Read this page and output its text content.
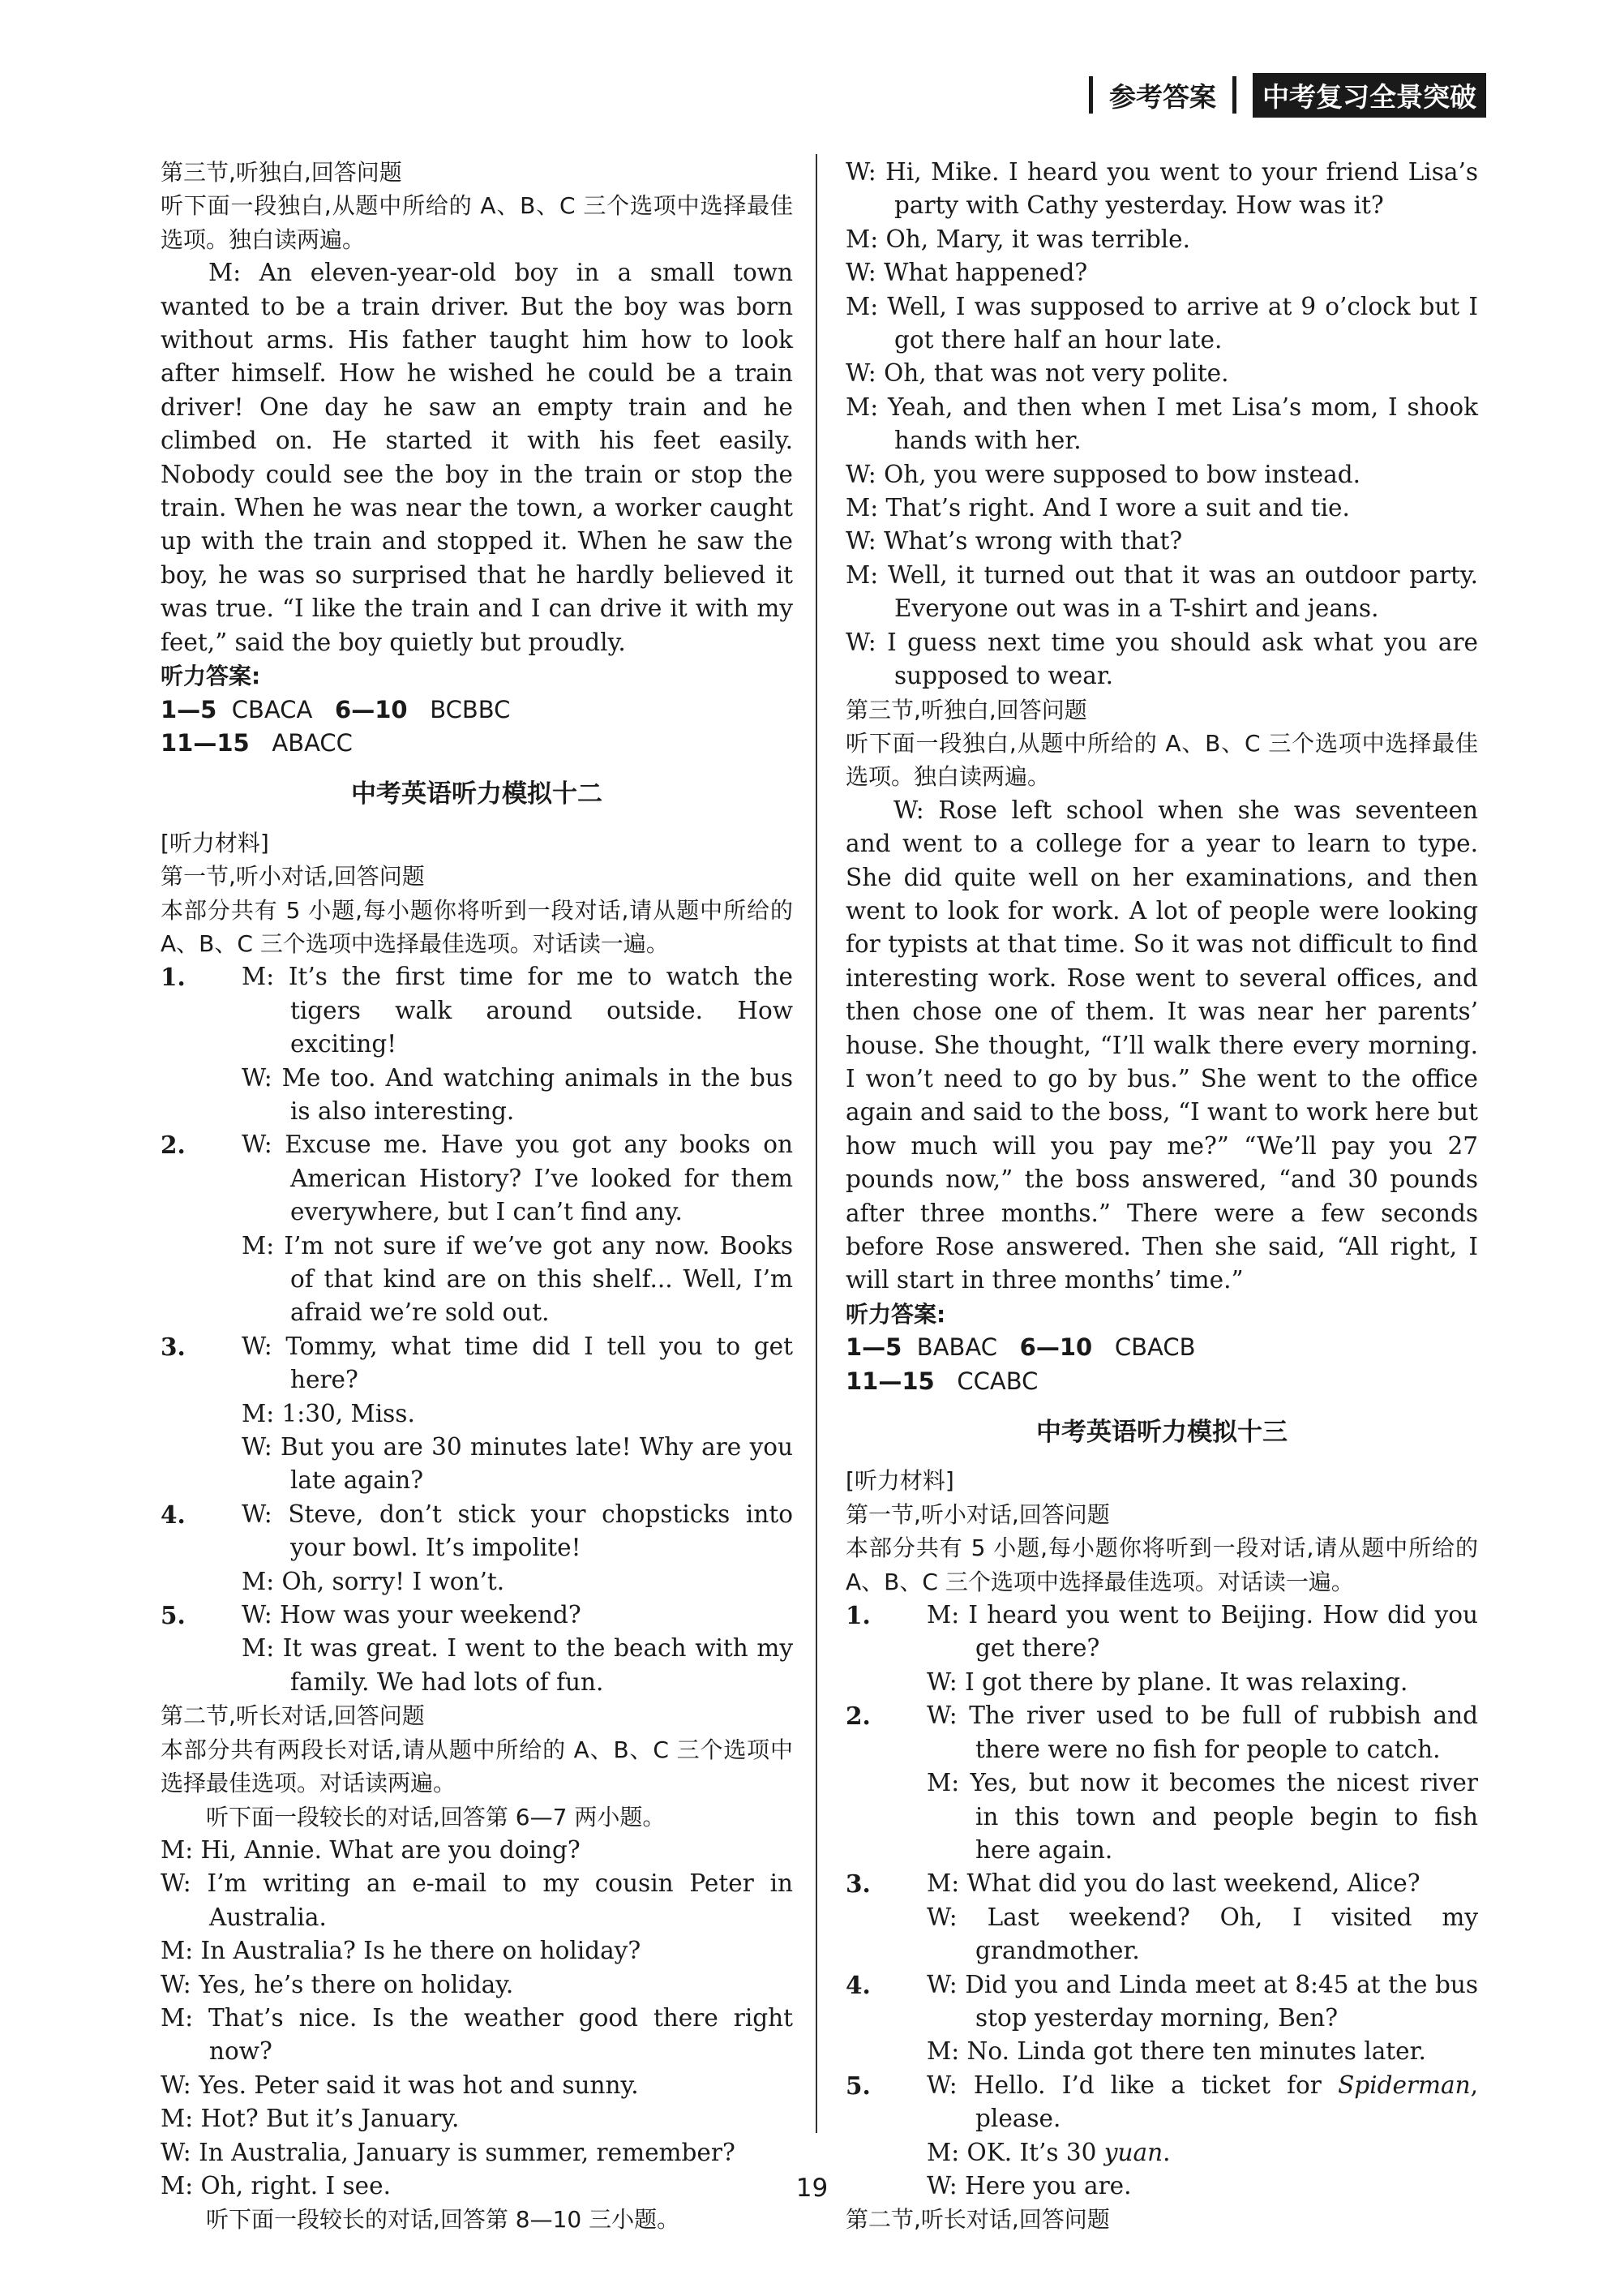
参考答案	中考复习全景突破

第三节,听独白,回答问题

听下面一段独白,从题中所给的 A、B、C 三个选项中选择最佳选项。独白读两遍。

M: An eleven-year-old boy in a small town wanted to be a train driver. But the boy was born without arms. His father taught him how to look after himself. How he wished he could be a train driver! One day he saw an empty train and he climbed on. He started it with his feet easily. Nobody could see the boy in the train or stop the train. When he was near the town, a worker caught up with the train and stopped it. When he saw the boy, he was so surprised that he hardly believed it was true. “I like the train and I can drive it with my feet,” said the boy quietly but proudly.

听力答案:

1—5 CBACA 6—10 BCBBC

11—15 ABACC

中考英语听力模拟十二

[听力材料]

第一节,听小对话,回答问题

本部分共有 5 小题,每小题你将听到一段对话,请从题中所给的 A、B、C 三个选项中选择最佳选项。对话读一遍。

1. M: It’s the first time for me to watch the tigers walk around outside. How exciting!

W: Me too. And watching animals in the bus is also interesting.

2. W: Excuse me. Have you got any books on American History? I’ve looked for them everywhere, but I can’t find any.

M: I’m not sure if we’ve got any now. Books of that kind are on this shelf... Well, I’m afraid we’re sold out.

3. W: Tommy, what time did I tell you to get here?

M: 1:30, Miss.

W: But you are 30 minutes late! Why are you late again?

4. W: Steve, don’t stick your chopsticks into your bowl. It’s impolite!

M: Oh, sorry! I won’t.

5. W: How was your weekend?

M: It was great. I went to the beach with my family. We had lots of fun.

第二节,听长对话,回答问题

本部分共有两段长对话,请从题中所给的 A、B、C 三个选项中选择最佳选项。对话读两遍。

听下面一段较长的对话,回答第 6—7 两小题。

M: Hi, Annie. What are you doing?

W: I’m writing an e-mail to my cousin Peter in Australia.

M: In Australia? Is he there on holiday?

W: Yes, he’s there on holiday.

M: That’s nice. Is the weather good there right now?

W: Yes. Peter said it was hot and sunny.

M: Hot? But it’s January.

W: In Australia, January is summer, remember?

M: Oh, right. I see.

听下面一段较长的对话,回答第 8—10 三小题。

W: Hi, Mike. I heard you went to your friend Lisa’s party with Cathy yesterday. How was it?

M: Oh, Mary, it was terrible.

W: What happened?

M: Well, I was supposed to arrive at 9 o’clock but I got there half an hour late.

W: Oh, that was not very polite.

M: Yeah, and then when I met Lisa’s mom, I shook hands with her.

W: Oh, you were supposed to bow instead.

M: That’s right. And I wore a suit and tie.

W: What’s wrong with that?

M: Well, it turned out that it was an outdoor party. Everyone out was in a T-shirt and jeans.

W: I guess next time you should ask what you are supposed to wear.

第三节,听独白,回答问题

听下面一段独白,从题中所给的 A、B、C 三个选项中选择最佳选项。独白读两遍。

W: Rose left school when she was seventeen and went to a college for a year to learn to type. She did quite well on her examinations, and then went to look for work. A lot of people were looking for typists at that time. So it was not difficult to find interesting work. Rose went to several offices, and then chose one of them. It was near her parents’ house. She thought, “I’ll walk there every morning. I won’t need to go by bus.” She went to the office again and said to the boss, “I want to work here but how much will you pay me?” “We’ll pay you 27 pounds now,” the boss answered, “and 30 pounds after three months.” There were a few seconds before Rose answered. Then she said, “All right, I will start in three months’ time.”

听力答案:

1—5 BABAC 6—10 CBACB

11—15 CCABC

中考英语听力模拟十三

[听力材料]

第一节,听小对话,回答问题

本部分共有 5 小题,每小题你将听到一段对话,请从题中所给的 A、B、C 三个选项中选择最佳选项。对话读一遍。

1. M: I heard you went to Beijing. How did you get there?

W: I got there by plane. It was relaxing.

2. W: The river used to be full of rubbish and there were no fish for people to catch.

M: Yes, but now it becomes the nicest river in this town and people begin to fish here again.

3. M: What did you do last weekend, Alice?

W: Last weekend? Oh, I visited my grandmother.

4. W: Did you and Linda meet at 8:45 at the bus stop yesterday morning, Ben?

M: No. Linda got there ten minutes later.

5. W: Hello. I’d like a ticket for Spiderman, please.

M: OK. It’s 30 yuan.

W: Here you are.

第二节,听长对话,回答问题

19
